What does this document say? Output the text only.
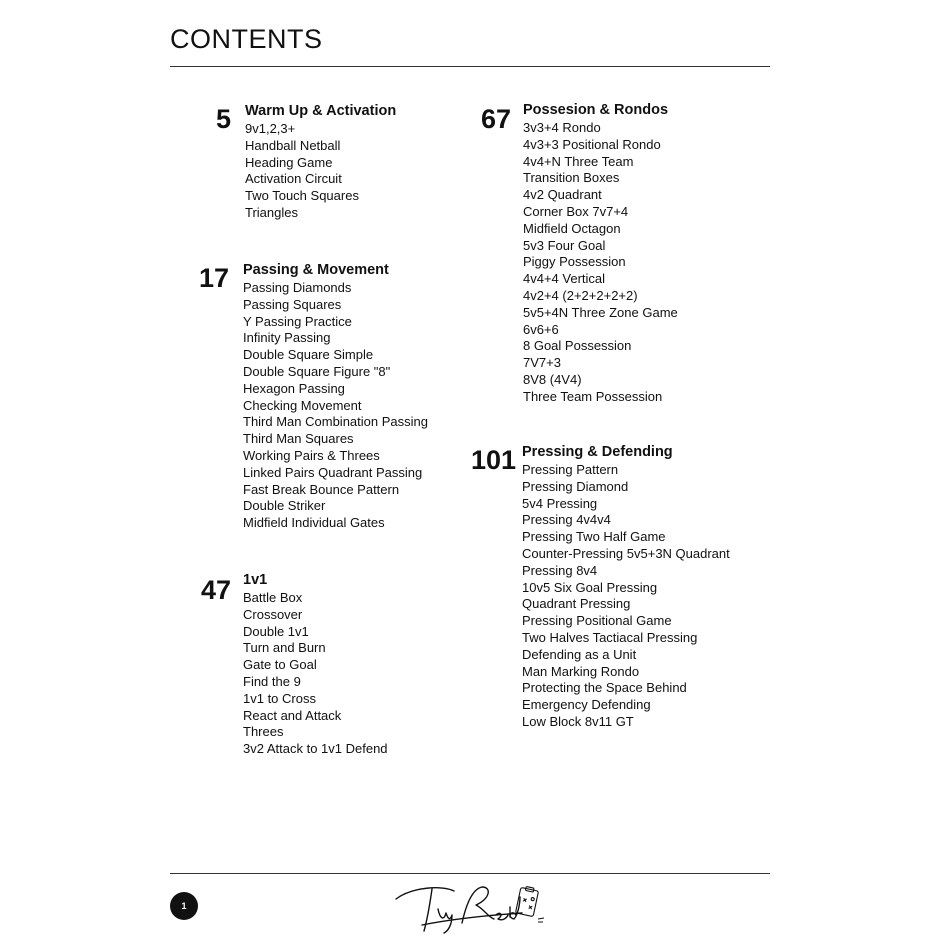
CONTENTS
5 Warm Up & Activation
9v1,2,3+
Handball Netball
Heading Game
Activation Circuit
Two Touch Squares
Triangles
17 Passing & Movement
Passing Diamonds
Passing Squares
Y Passing Practice
Infinity Passing
Double Square Simple
Double Square Figure "8"
Hexagon Passing
Checking Movement
Third Man Combination Passing
Third Man Squares
Working Pairs & Threes
Linked Pairs Quadrant Passing
Fast Break Bounce Pattern
Double Striker
Midfield Individual Gates
47 1v1
Battle Box
Crossover
Double 1v1
Turn and Burn
Gate to Goal
Find the 9
1v1 to Cross
React and Attack
Threes
3v2 Attack to 1v1 Defend
67 Possesion & Rondos
3v3+4 Rondo
4v3+3 Positional Rondo
4v4+N Three Team
Transition Boxes
4v2 Quadrant
Corner Box 7v7+4
Midfield Octagon
5v3 Four Goal
Piggy Possession
4v4+4 Vertical
4v2+4 (2+2+2+2+2)
5v5+4N Three Zone Game
6v6+6
8 Goal Possession
7V7+3
8V8 (4V4)
Three Team Possession
101 Pressing & Defending
Pressing Pattern
Pressing Diamond
5v4 Pressing
Pressing 4v4v4
Pressing Two Half Game
Counter-Pressing 5v5+3N Quadrant
Pressing 8v4
10v5 Six Goal Pressing
Quadrant Pressing
Pressing Positional Game
Two Halves Tactiacal Pressing
Defending as a Unit
Man Marking Rondo
Protecting the Space Behind
Emergency Defending
Low Block 8v11 GT
1
